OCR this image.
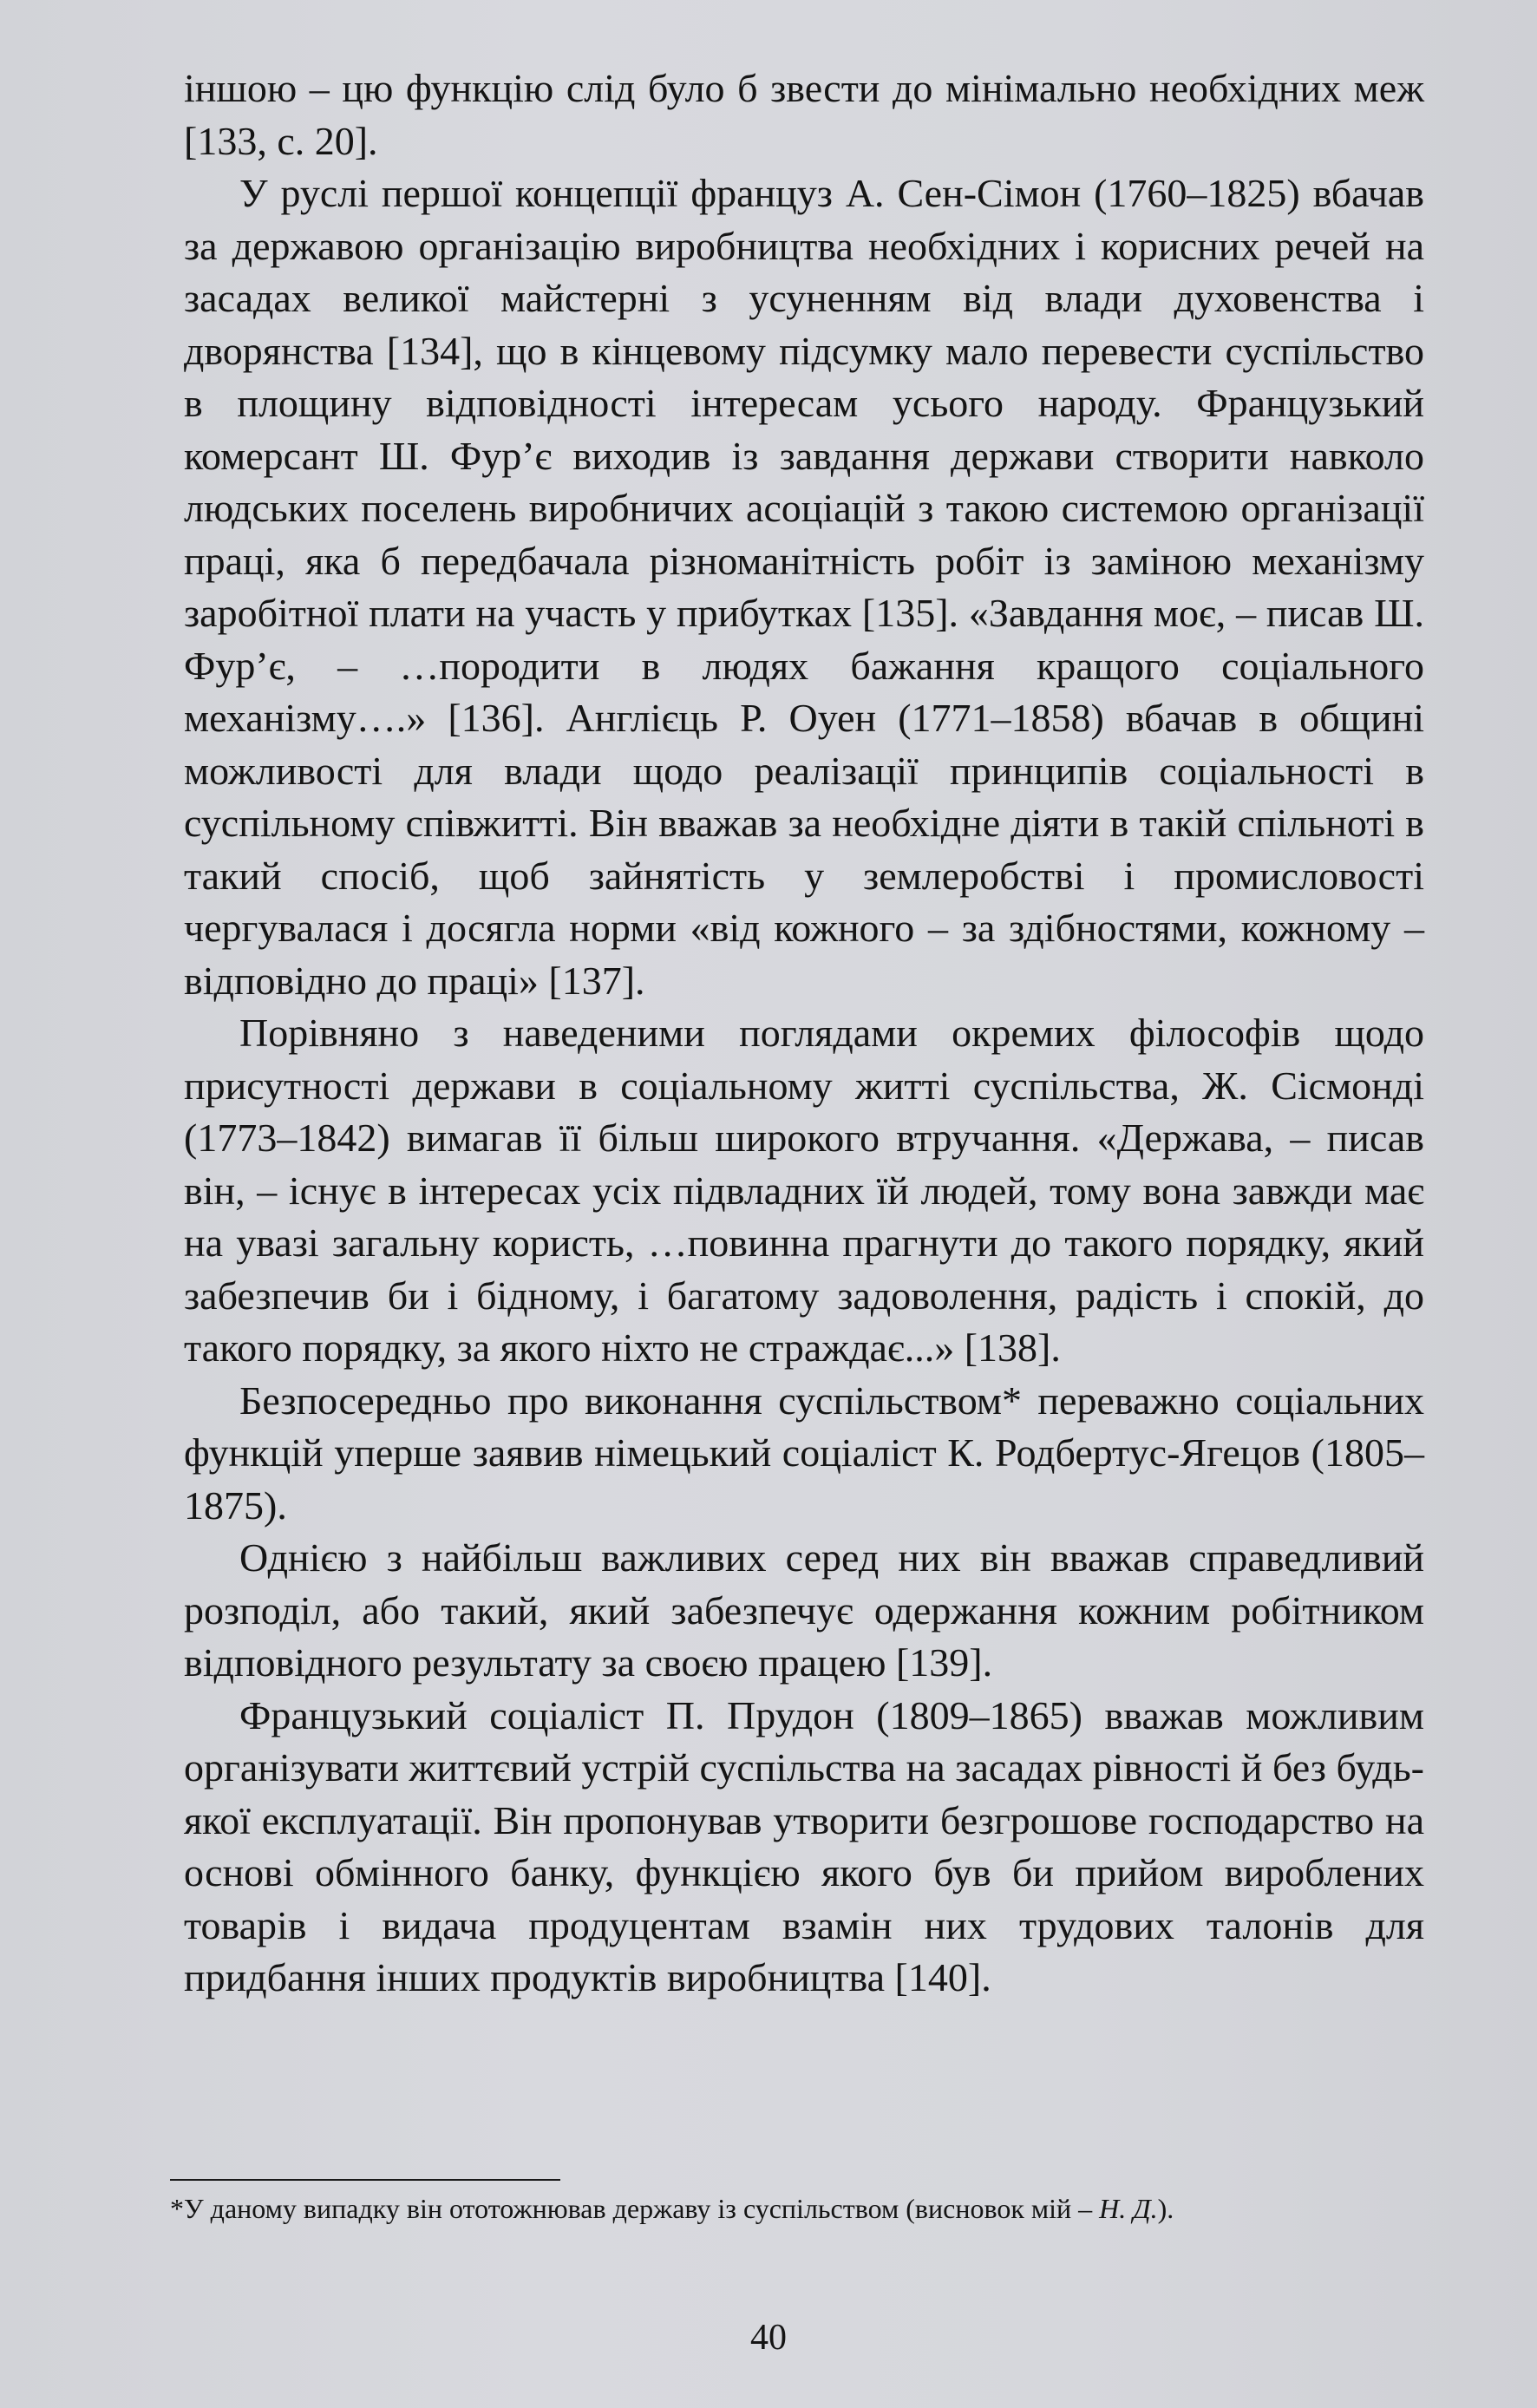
іншою – цю функцію слід було б звести до мінімально необхідних меж [133, с. 20].

У руслі першої концепції француз А. Сен-Сімон (1760–1825) вбачав за державою організацію виробництва необхідних і корисних речей на засадах великої майстерні з усуненням від влади духовенства і дворянства [134], що в кінцевому підсумку мало перевести суспільство в площину відповідності інтересам усього народу. Французький комерсант Ш. Фур’є виходив із завдання держави створити навколо людських поселень виробничих асоціацій з такою системою організації праці, яка б передбачала різноманітність робіт із заміною механізму заробітної плати на участь у прибутках [135]. «Завдання моє, – писав Ш. Фур’є, – …породити в людях бажання кращого соціального механізму….» [136]. Англієць Р. Оуен (1771–1858) вбачав в общині можливості для влади щодо реалізації принципів соціальності в суспільному співжитті. Він вважав за необхідне діяти в такій спільноті в такий спосіб, щоб зайнятість у землеробстві і промисловості чергувалася і досягла норми «від кожного – за здібностями, кожному – відповідно до праці» [137].

Порівняно з наведеними поглядами окремих філософів щодо присутності держави в соціальному житті суспільства, Ж. Сісмонді (1773–1842) вимагав її більш широкого втручання. «Держава, – писав він, – існує в інтересах усіх підвладних їй людей, тому вона завжди має на увазі загальну користь, …повинна прагнути до такого порядку, який забезпечив би і бідному, і багатому задоволення, радість і спокій, до такого порядку, за якого ніхто не страждає...» [138].

Безпосередньо про виконання суспільством* переважно соціальних функцій уперше заявив німецький соціаліст К. Родбертус-Ягецов (1805–1875).

Однією з найбільш важливих серед них він вважав справедливий розподіл, або такий, який забезпечує одержання кожним робітником відповідного результату за своєю працею [139].

Французький соціаліст П. Прудон (1809–1865) вважав можливим організувати життєвий устрій суспільства на засадах рівності й без будь-якої експлуатації. Він пропонував утворити безгрошове господарство на основі обмінного банку, функцією якого був би прийом вироблених товарів і видача продуцентам взамін них трудових талонів для придбання інших продуктів виробництва [140].

*У даному випадку він ототожнював державу із суспільством (висновок мій – Н. Д.).
40
